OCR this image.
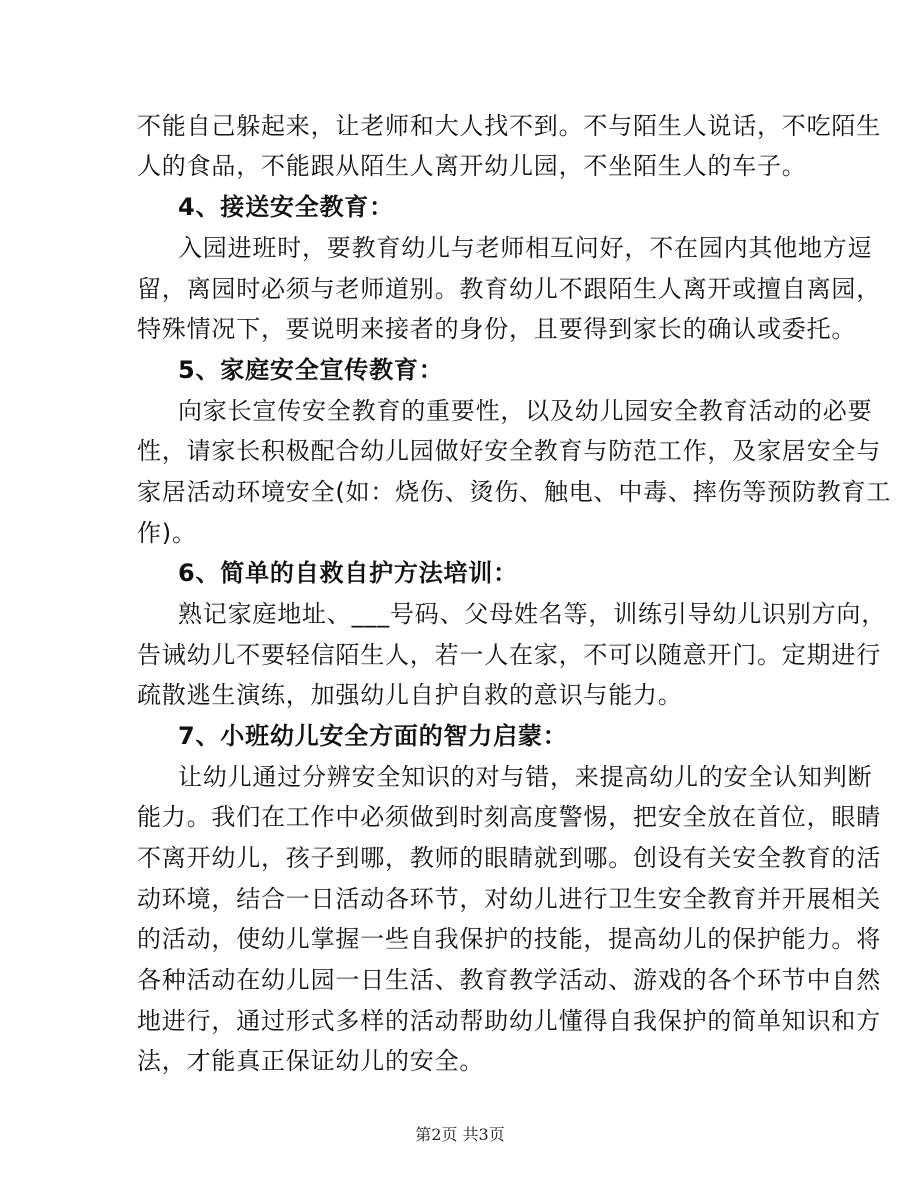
不能自己躲起来，让老师和大人找不到。不与陌生人说话，不吃陌生
人的食品，不能跟从陌生人离开幼儿园，不坐陌生人的车子。
4、接送安全教育：
入园进班时，要教育幼儿与老师相互问好，不在园内其他地方逗
留，离园时必须与老师道别。教育幼儿不跟陌生人离开或擅自离园，
特殊情况下，要说明来接者的身份，且要得到家长的确认或委托。
5、家庭安全宣传教育：
向家长宣传安全教育的重要性，以及幼儿园安全教育活动的必要
性，请家长积极配合幼儿园做好安全教育与防范工作，及家居安全与
家居活动环境安全(如：烧伤、烫伤、触电、中毒、摔伤等预防教育工
作)。
6、简单的自救自护方法培训：
熟记家庭地址、___号码、父母姓名等，训练引导幼儿识别方向，
告诫幼儿不要轻信陌生人，若一人在家，不可以随意开门。定期进行
疏散逃生演练，加强幼儿自护自救的意识与能力。
7、小班幼儿安全方面的智力启蒙：
让幼儿通过分辨安全知识的对与错，来提高幼儿的安全认知判断
能力。我们在工作中必须做到时刻高度警惕，把安全放在首位，眼睛
不离开幼儿，孩子到哪，教师的眼睛就到哪。创设有关安全教育的活
动环境，结合一日活动各环节，对幼儿进行卫生安全教育并开展相关
的活动，使幼儿掌握一些自我保护的技能，提高幼儿的保护能力。将
各种活动在幼儿园一日生活、教育教学活动、游戏的各个环节中自然
地进行，通过形式多样的活动帮助幼儿懂得自我保护的简单知识和方
法，才能真正保证幼儿的安全。
第2页 共3页
